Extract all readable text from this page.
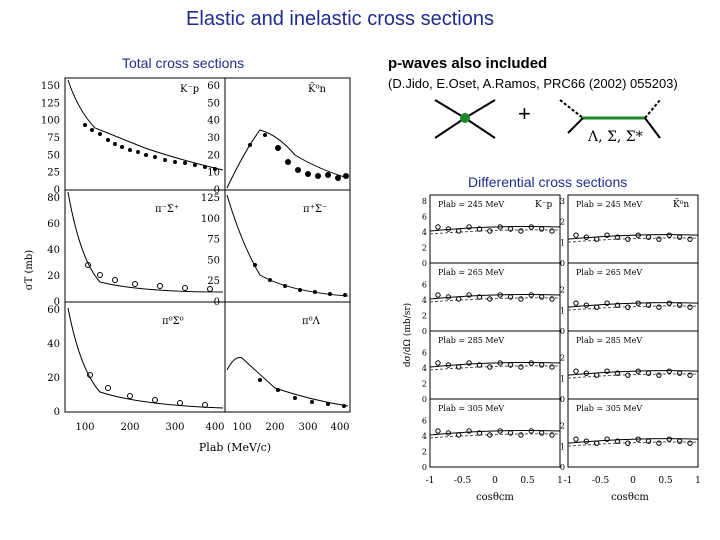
Elastic and inelastic cross sections
Total cross sections	p-waves also included
(D.Jido, E.Oset, A.Ramos, PRC66 (2002) 055203)
+
Λ, Σ, Σ*
Differential cross sections
σT (mb)
Plab (MeV/c)
K⁻p	K̄⁰n
π⁻Σ⁺	π⁺Σ⁻
π⁰Σ⁰	π⁰Λ
0
25
50
75
100
125
150
0
10
20
30
40
50
60
0
20
40
60
80
0
25
50
75
100
125
0
20
40
60
100	200	300 400 100 200 300 400
dσ/dΩ (mb/sr)
cosθcm	cosθcm
Plab = 245 MeV	K⁻p
0
2
4
6
8	Plab = 245 MeV	K̄⁰n
0
1
2
3
Plab = 265 MeV
0
2
4
6
Plab = 265 MeV
0
1
2
Plab = 285 MeV
0
2
4
6
Plab = 285 MeV
0
1
2
Plab = 305 MeV
0
2
4
6
Plab = 305 MeV
0
1
2
-1 -0.5 0 0.5 1 -1 -0.5 0 0.5 1
